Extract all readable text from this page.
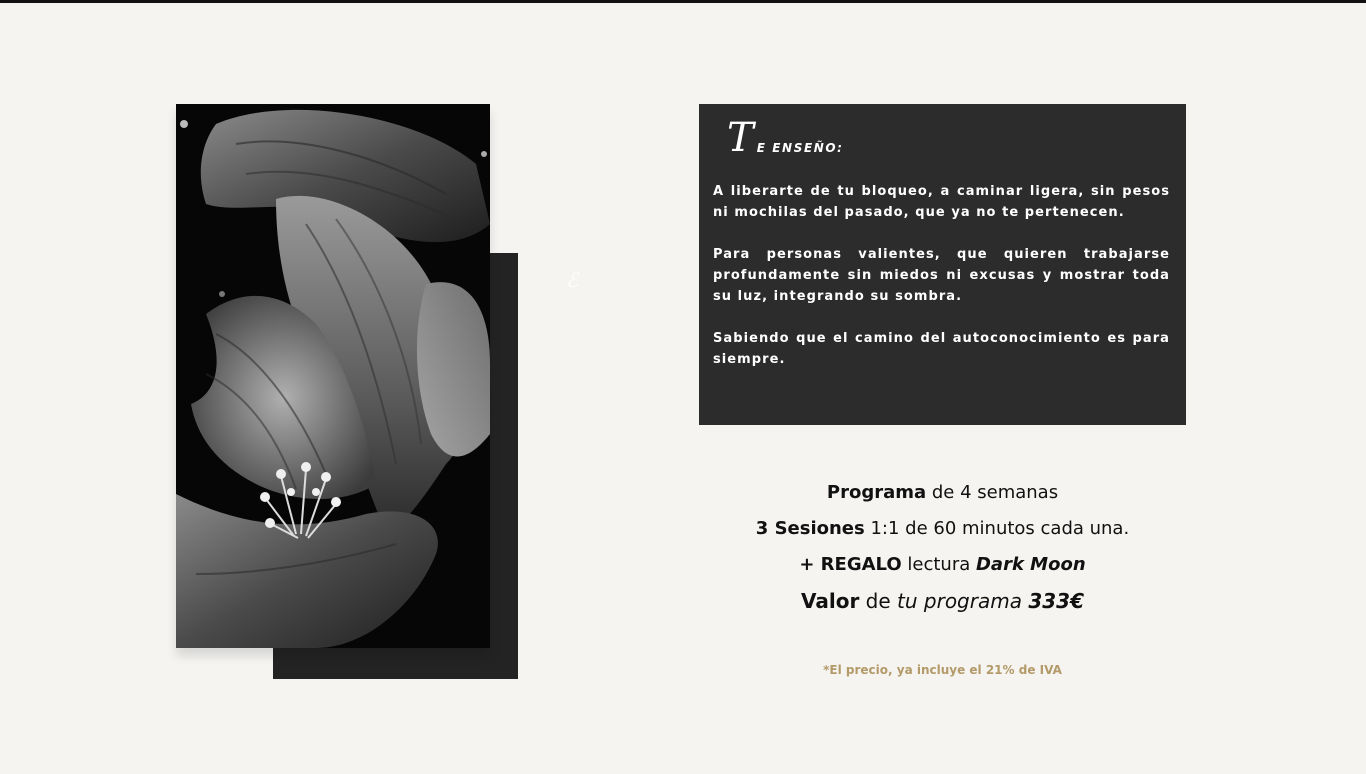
ℰ
T E ENSEÑO:

A liberarte de tu bloqueo, a caminar ligera, sin pesos ni mochilas del pasado, que ya no te pertenecen.

Para personas valientes, que quieren trabajarse profundamente sin miedos ni excusas y mostrar toda su luz, integrando su sombra.

Sabiendo que el camino del autoconocimiento es para siempre.

Programa de 4 semanas
3 Sesiones 1:1 de 60 minutos cada una.
+ REGALO lectura Dark Moon
Valor de tu programa 333€
*El precio, ya incluye el 21% de IVA
